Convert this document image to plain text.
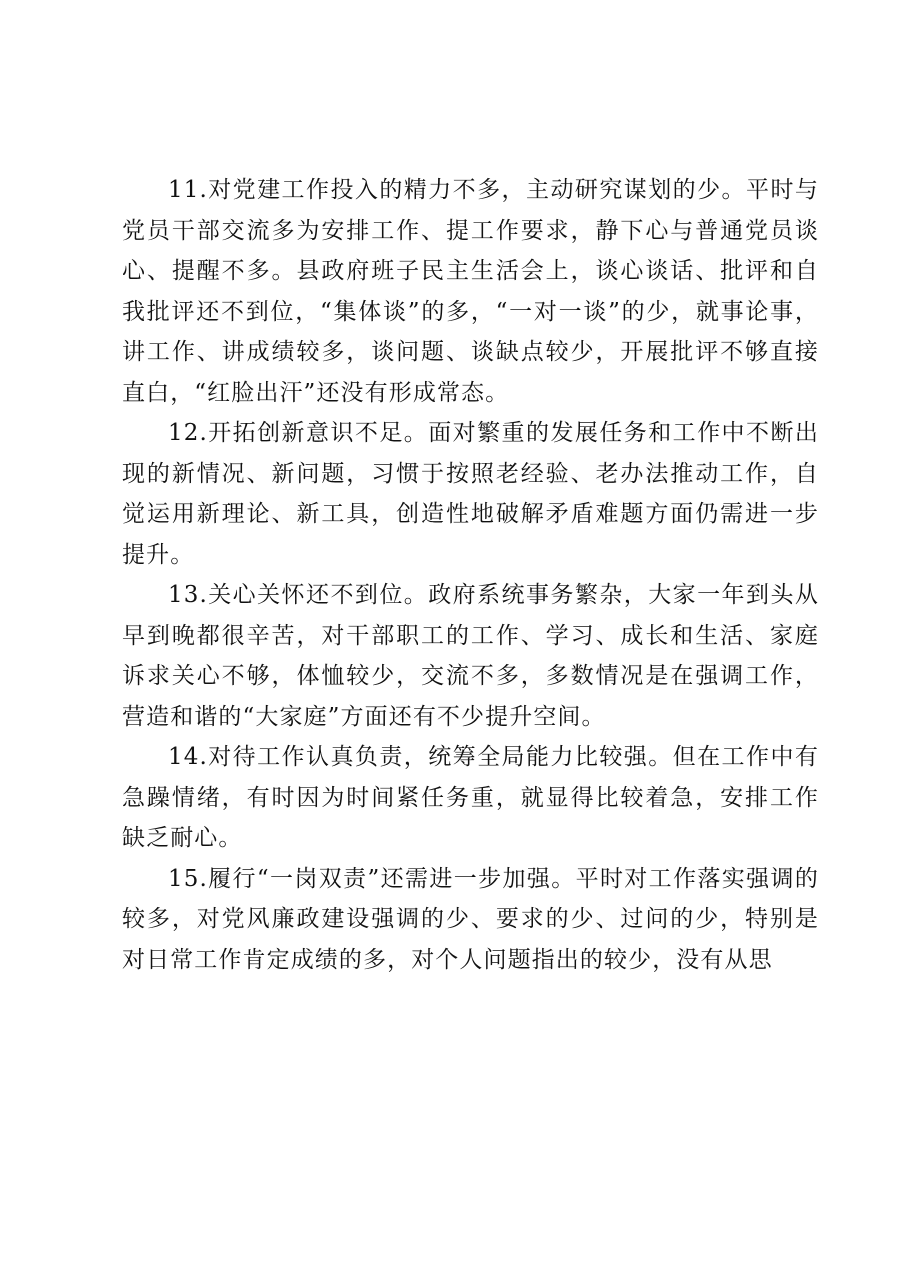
11.对党建工作投入的精力不多，主动研究谋划的少。平时与党员干部交流多为安排工作、提工作要求，静下心与普通党员谈心、提醒不多。县政府班子民主生活会上，谈心谈话、批评和自我批评还不到位，“集体谈”的多，“一对一谈”的少，就事论事，讲工作、讲成绩较多，谈问题、谈缺点较少，开展批评不够直接直白，“红脸出汗”还没有形成常态。

12.开拓创新意识不足。面对繁重的发展任务和工作中不断出现的新情况、新问题，习惯于按照老经验、老办法推动工作，自觉运用新理论、新工具，创造性地破解矛盾难题方面仍需进一步提升。

13.关心关怀还不到位。政府系统事务繁杂，大家一年到头从早到晚都很辛苦，对干部职工的工作、学习、成长和生活、家庭诉求关心不够，体恤较少，交流不多，多数情况是在强调工作，营造和谐的“大家庭”方面还有不少提升空间。

14.对待工作认真负责，统筹全局能力比较强。但在工作中有急躁情绪，有时因为时间紧任务重，就显得比较着急，安排工作缺乏耐心。

15.履行“一岗双责”还需进一步加强。平时对工作落实强调的较多，对党风廉政建设强调的少、要求的少、过问的少，特别是对日常工作肯定成绩的多，对个人问题指出的较少，没有从思
